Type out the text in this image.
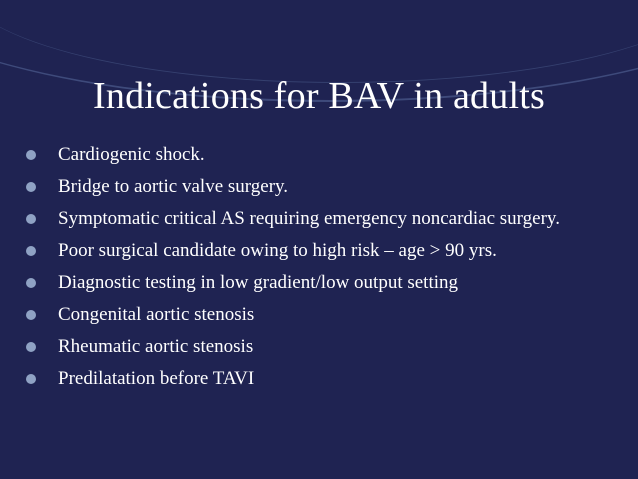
Indications for BAV in adults
Cardiogenic shock.
Bridge to aortic valve surgery.
Symptomatic critical AS requiring emergency noncardiac surgery.
Poor surgical candidate owing to high risk – age > 90 yrs.
Diagnostic testing in low gradient/low output setting
Congenital aortic stenosis
Rheumatic aortic stenosis
Predilatation before TAVI
